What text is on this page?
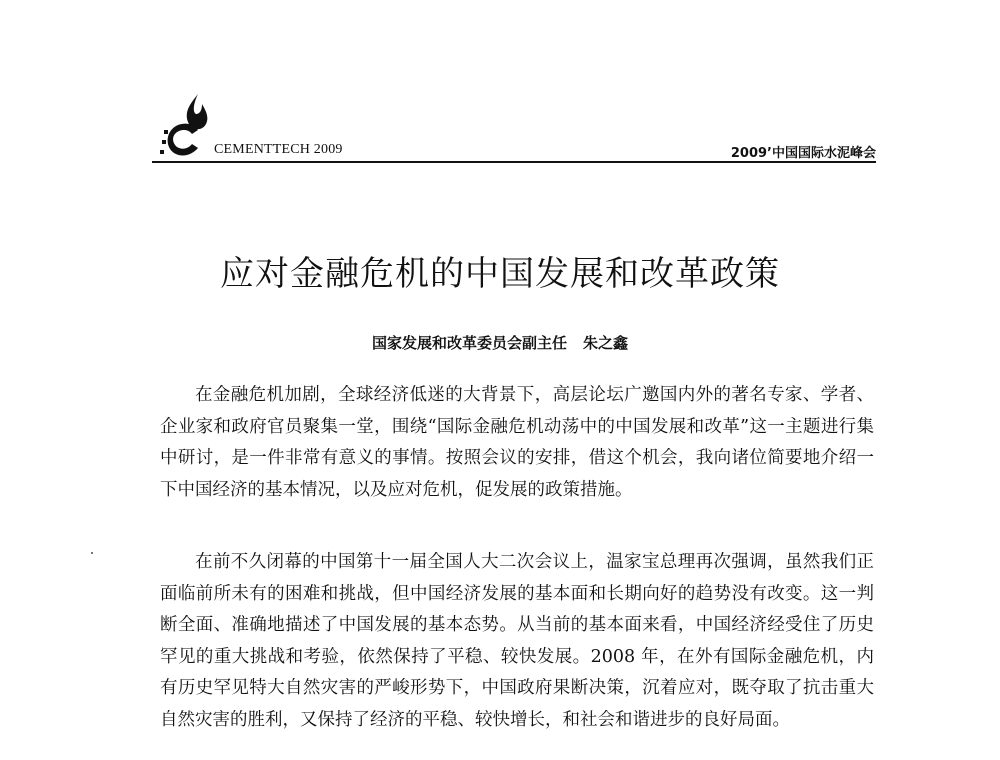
CEMENTTECH 2009	2009’中国国际水泥峰会
应对金融危机的中国发展和改革政策
国家发展和改革委员会副主任 朱之鑫

在金融危机加剧，全球经济低迷的大背景下，高层论坛广邀国内外的著名专家、学者、企业家和政府官员聚集一堂，围绕“国际金融危机动荡中的中国发展和改革”这一主题进行集中研讨，是一件非常有意义的事情。按照会议的安排，借这个机会，我向诸位简要地介绍一下中国经济的基本情况，以及应对危机，促发展的政策措施。

在前不久闭幕的中国第十一届全国人大二次会议上，温家宝总理再次强调，虽然我们正面临前所未有的困难和挑战，但中国经济发展的基本面和长期向好的趋势没有改变。这一判断全面、准确地描述了中国发展的基本态势。从当前的基本面来看，中国经济经受住了历史罕见的重大挑战和考验，依然保持了平稳、较快发展。2008 年，在外有国际金融危机，内有历史罕见特大自然灾害的严峻形势下，中国政府果断决策，沉着应对，既夺取了抗击重大自然灾害的胜利，又保持了经济的平稳、较快增长，和社会和谐进步的良好局面。
